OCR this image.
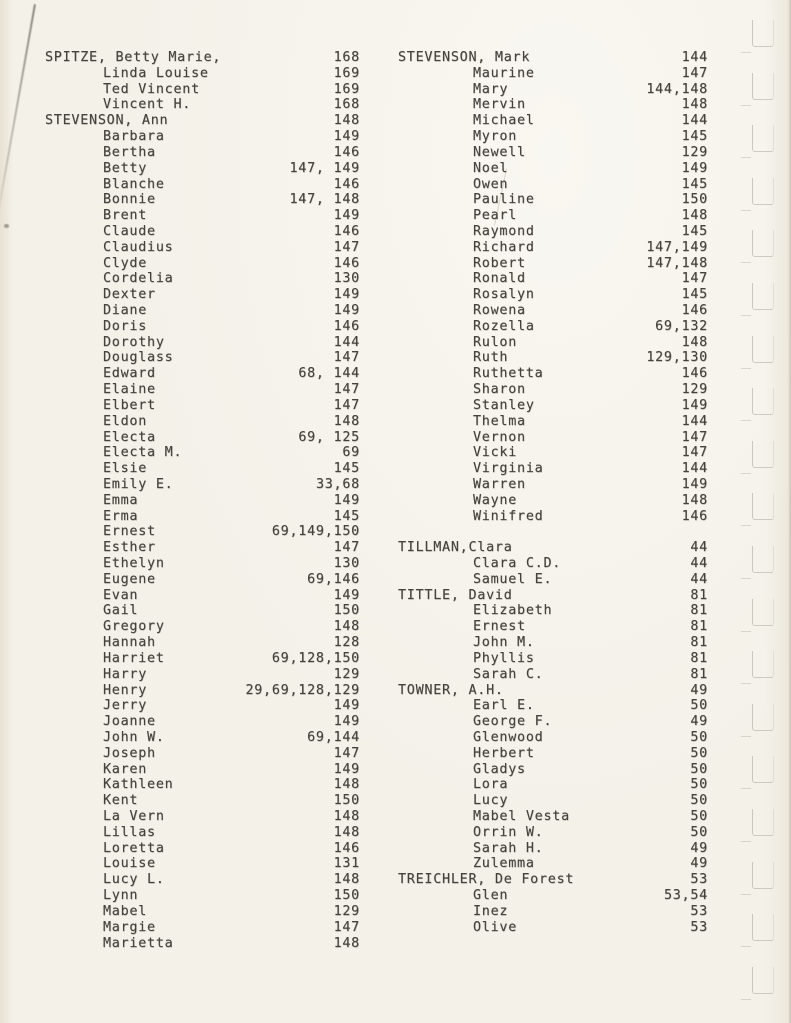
SPITZE, Betty Marie,	168
Linda Louise	169
Ted Vincent	169
Vincent H.	168
STEVENSON, Ann	148
Barbara	149
Bertha	146
Betty	147, 149
Blanche	146
Bonnie	147, 148
Brent	149
Claude	146
Claudius	147
Clyde	146
Cordelia	130
Dexter	149
Diane	149
Doris	146
Dorothy	144
Douglass	147
Edward	68, 144
Elaine	147
Elbert	147
Eldon	148
Electa	69, 125
Electa M.	69
Elsie	145
Emily E.	33,68
Emma	149
Erma	145
Ernest	69,149,150
Esther	147
Ethelyn	130
Eugene	69,146
Evan	149
Gail	150
Gregory	148
Hannah	128
Harriet	69,128,150
Harry	129
Henry	29,69,128,129
Jerry	149
Joanne	149
John W.	69,144
Joseph	147
Karen	149
Kathleen	148
Kent	150
La Vern	148
Lillas	148
Loretta	146
Louise	131
Lucy L.	148
Lynn	150
Mabel	129
Margie	147
Marietta	148
STEVENSON, Mark	144
Maurine	147
Mary	144,148
Mervin	148
Michael	144
Myron	145
Newell	129
Noel	149
Owen	145
Pauline	150
Pearl	148
Raymond	145
Richard	147,149
Robert	147,148
Ronald	147
Rosalyn	145
Rowena	146
Rozella	69,132
Rulon	148
Ruth	129,130
Ruthetta	146
Sharon	129
Stanley	149
Thelma	144
Vernon	147
Vicki	147
Virginia	144
Warren	149
Wayne	148
Winifred	146
TILLMAN,Clara	44
Clara C.D.	44
Samuel E.	44
TITTLE, David	81
Elizabeth	81
Ernest	81
John M.	81
Phyllis	81
Sarah C.	81
TOWNER, A.H.	49
Earl E.	50
George F.	49
Glenwood	50
Herbert	50
Gladys	50
Lora	50
Lucy	50
Mabel Vesta	50
Orrin W.	50
Sarah H.	49
Zulemma	49
TREICHLER, De Forest	53
Glen	53,54
Inez	53
Olive	53
